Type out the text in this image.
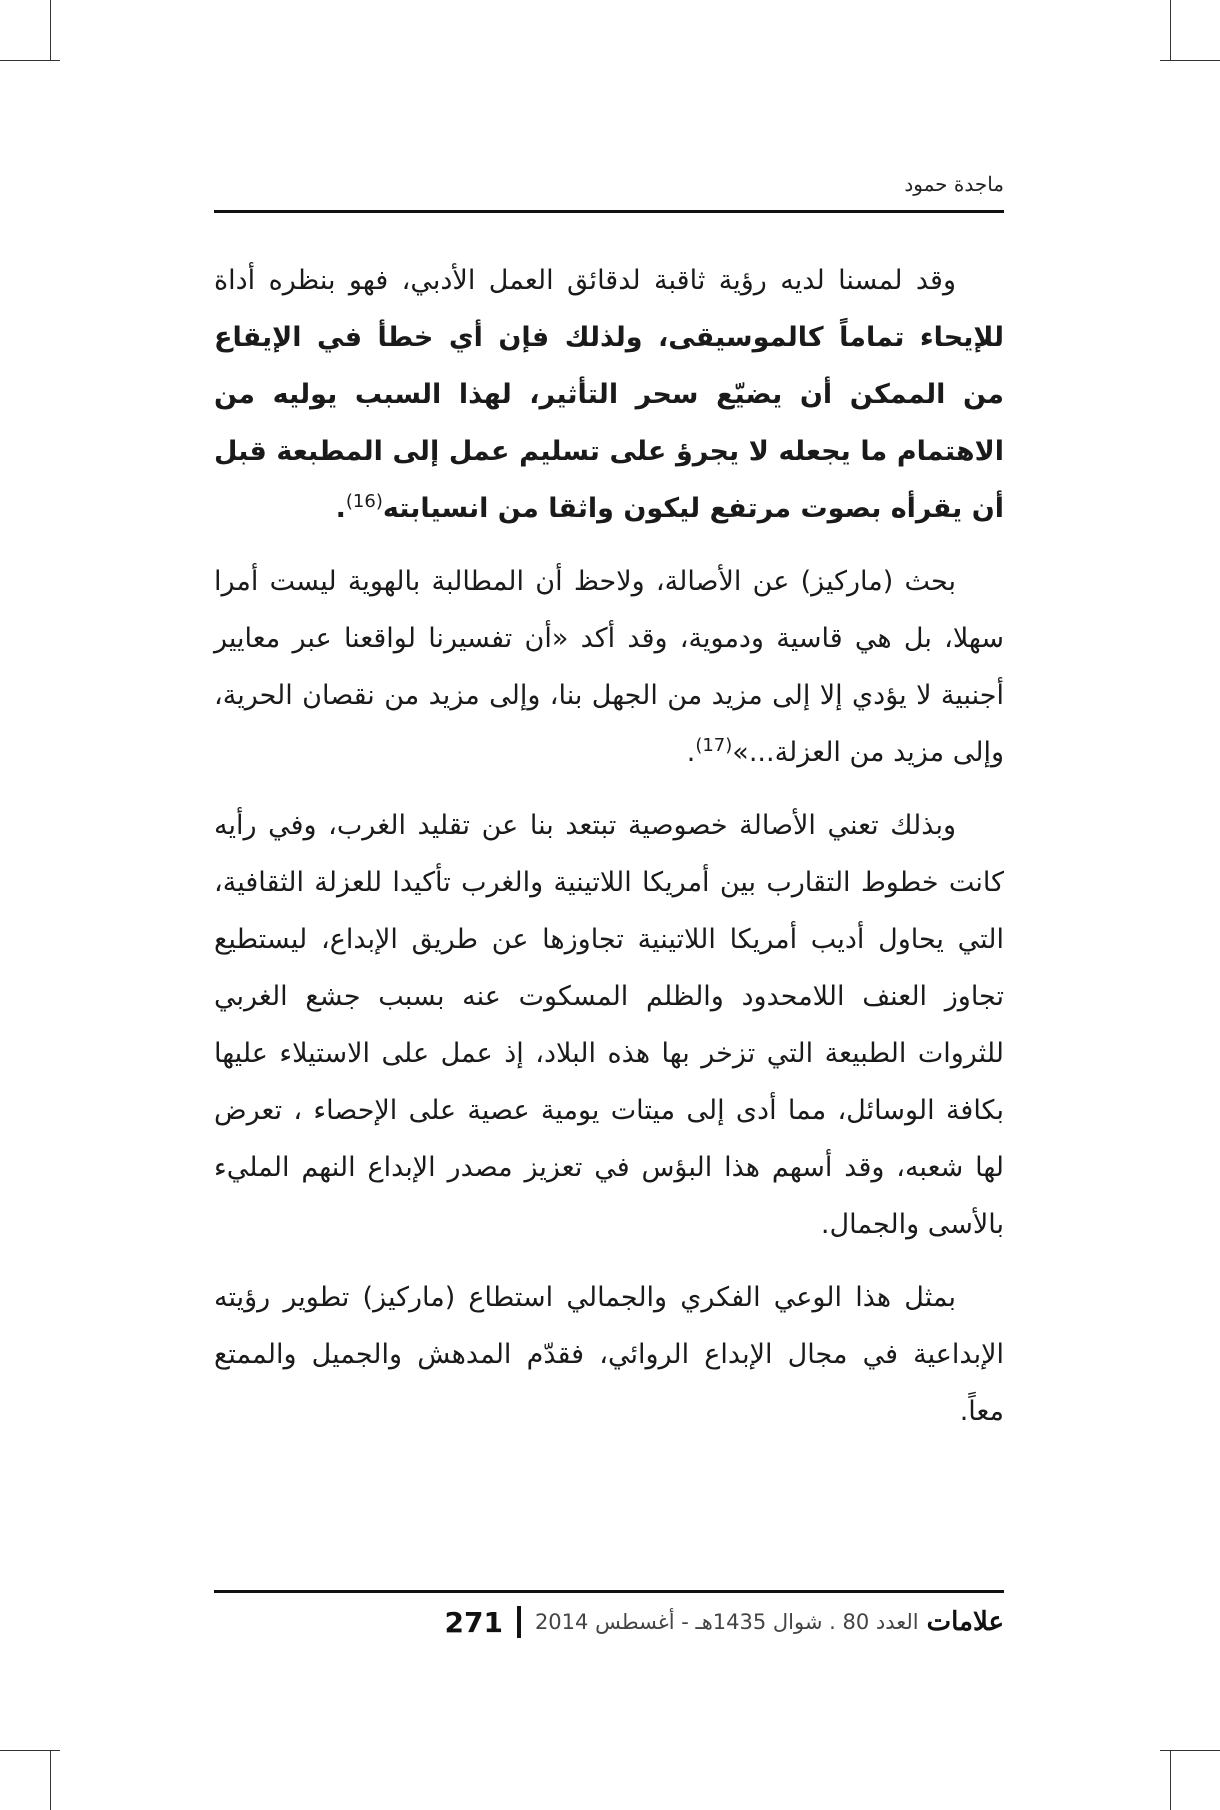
ماجدة حمود

وقد لمسنا لديه رؤية ثاقبة لدقائق العمل الأدبي، فهو بنظره أداة للإيحاء تماماً كالموسيقى، ولذلك فإن أي خطأ في الإيقاع من الممكن أن يضيّع سحر التأثير، لهذا السبب يوليه من الاهتمام ما يجعله لا يجرؤ على تسليم عمل إلى المطبعة قبل أن يقرأه بصوت مرتفع ليكون واثقا من انسيابته$^{(16)}$.

بحث (ماركيز) عن الأصالة، ولاحظ أن المطالبة بالهوية ليست أمرا سهلا، بل هي قاسية ودموية، وقد أكد «أن تفسيرنا لواقعنا عبر معايير أجنبية لا يؤدي إلا إلى مزيد من الجهل بنا، وإلى مزيد من نقصان الحرية، وإلى مزيد من العزلة...»$^{(17)}$.

وبذلك تعني الأصالة خصوصية تبتعد بنا عن تقليد الغرب، وفي رأيه كانت خطوط التقارب بين أمريكا اللاتينية والغرب تأكيدا للعزلة الثقافية، التي يحاول أديب أمريكا اللاتينية تجاوزها عن طريق الإبداع، ليستطيع تجاوز العنف اللامحدود والظلم المسكوت عنه بسبب جشع الغربي للثروات الطبيعة التي تزخر بها هذه البلاد، إذ عمل على الاستيلاء عليها بكافة الوسائل، مما أدى إلى ميتات يومية عصية على الإحصاء ، تعرض لها شعبه، وقد أسهم هذا البؤس في تعزيز مصدر الإبداع النهم المليء بالأسى والجمال.

بمثل هذا الوعي الفكري والجمالي استطاع (ماركيز) تطوير رؤيته الإبداعية في مجال الإبداع الروائي، فقدّم المدهش والجميل والممتع معاً.

علامات
العدد 80 . شوال 1435هـ - أغسطس 2014
271
